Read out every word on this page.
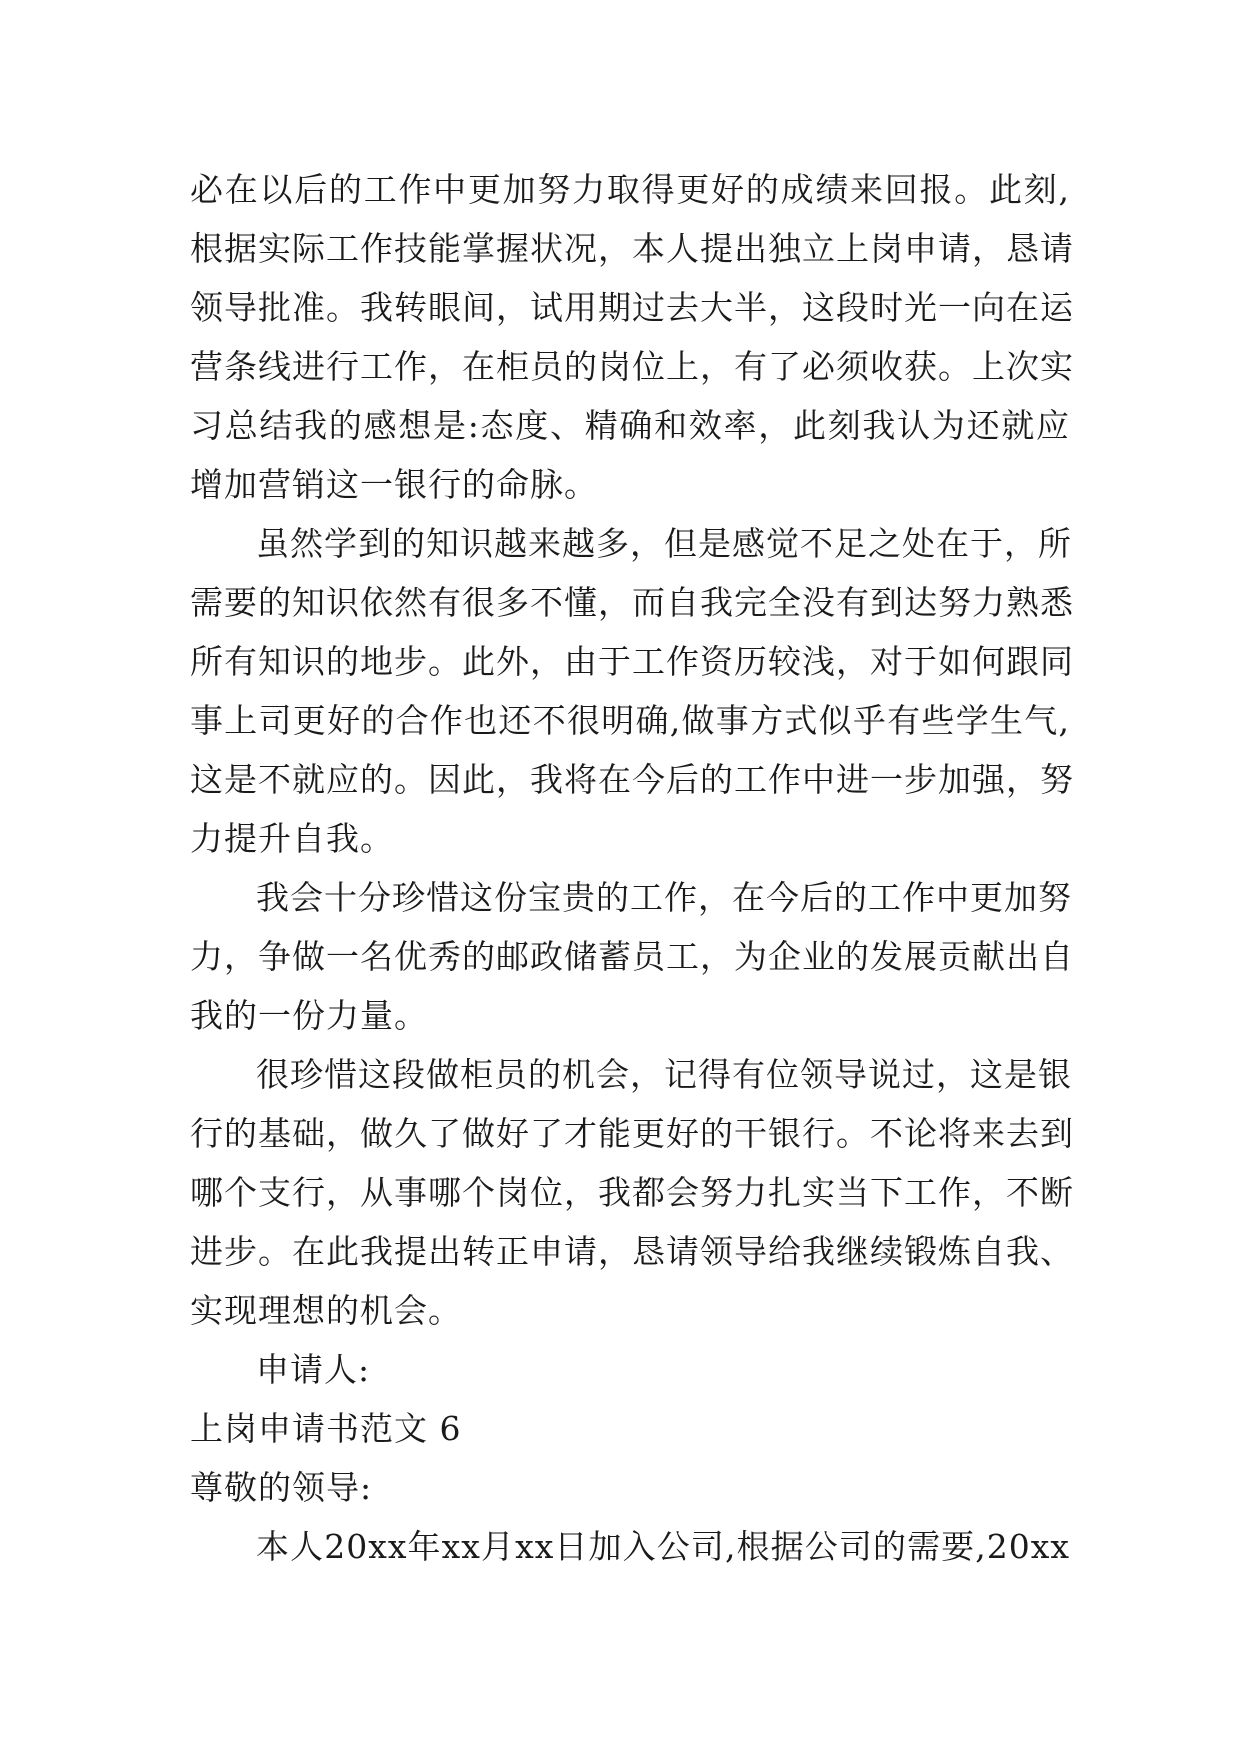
必在以后的工作中更加努力取得更好的成绩来回报。此刻,
根据实际工作技能掌握状况，本人提出独立上岗申请，恳请
领导批准。我转眼间，试用期过去大半，这段时光一向在运
营条线进行工作，在柜员的岗位上，有了必须收获。上次实
习总结我的感想是:态度、精确和效率，此刻我认为还就应
增加营销这一银行的命脉。
虽然学到的知识越来越多，但是感觉不足之处在于，所
需要的知识依然有很多不懂，而自我完全没有到达努力熟悉
所有知识的地步。此外，由于工作资历较浅，对于如何跟同
事上司更好的合作也还不很明确,做事方式似乎有些学生气,
这是不就应的。因此，我将在今后的工作中进一步加强，努
力提升自我。
我会十分珍惜这份宝贵的工作，在今后的工作中更加努
力，争做一名优秀的邮政储蓄员工，为企业的发展贡献出自
我的一份力量。
很珍惜这段做柜员的机会，记得有位领导说过，这是银
行的基础，做久了做好了才能更好的干银行。不论将来去到
哪个支行，从事哪个岗位，我都会努力扎实当下工作，不断
进步。在此我提出转正申请，恳请领导给我继续锻炼自我、
实现理想的机会。
申请人:
上岗申请书范文 6
尊敬的领导:
本人20xx年xx月xx日加入公司,根据公司的需要,20xx
